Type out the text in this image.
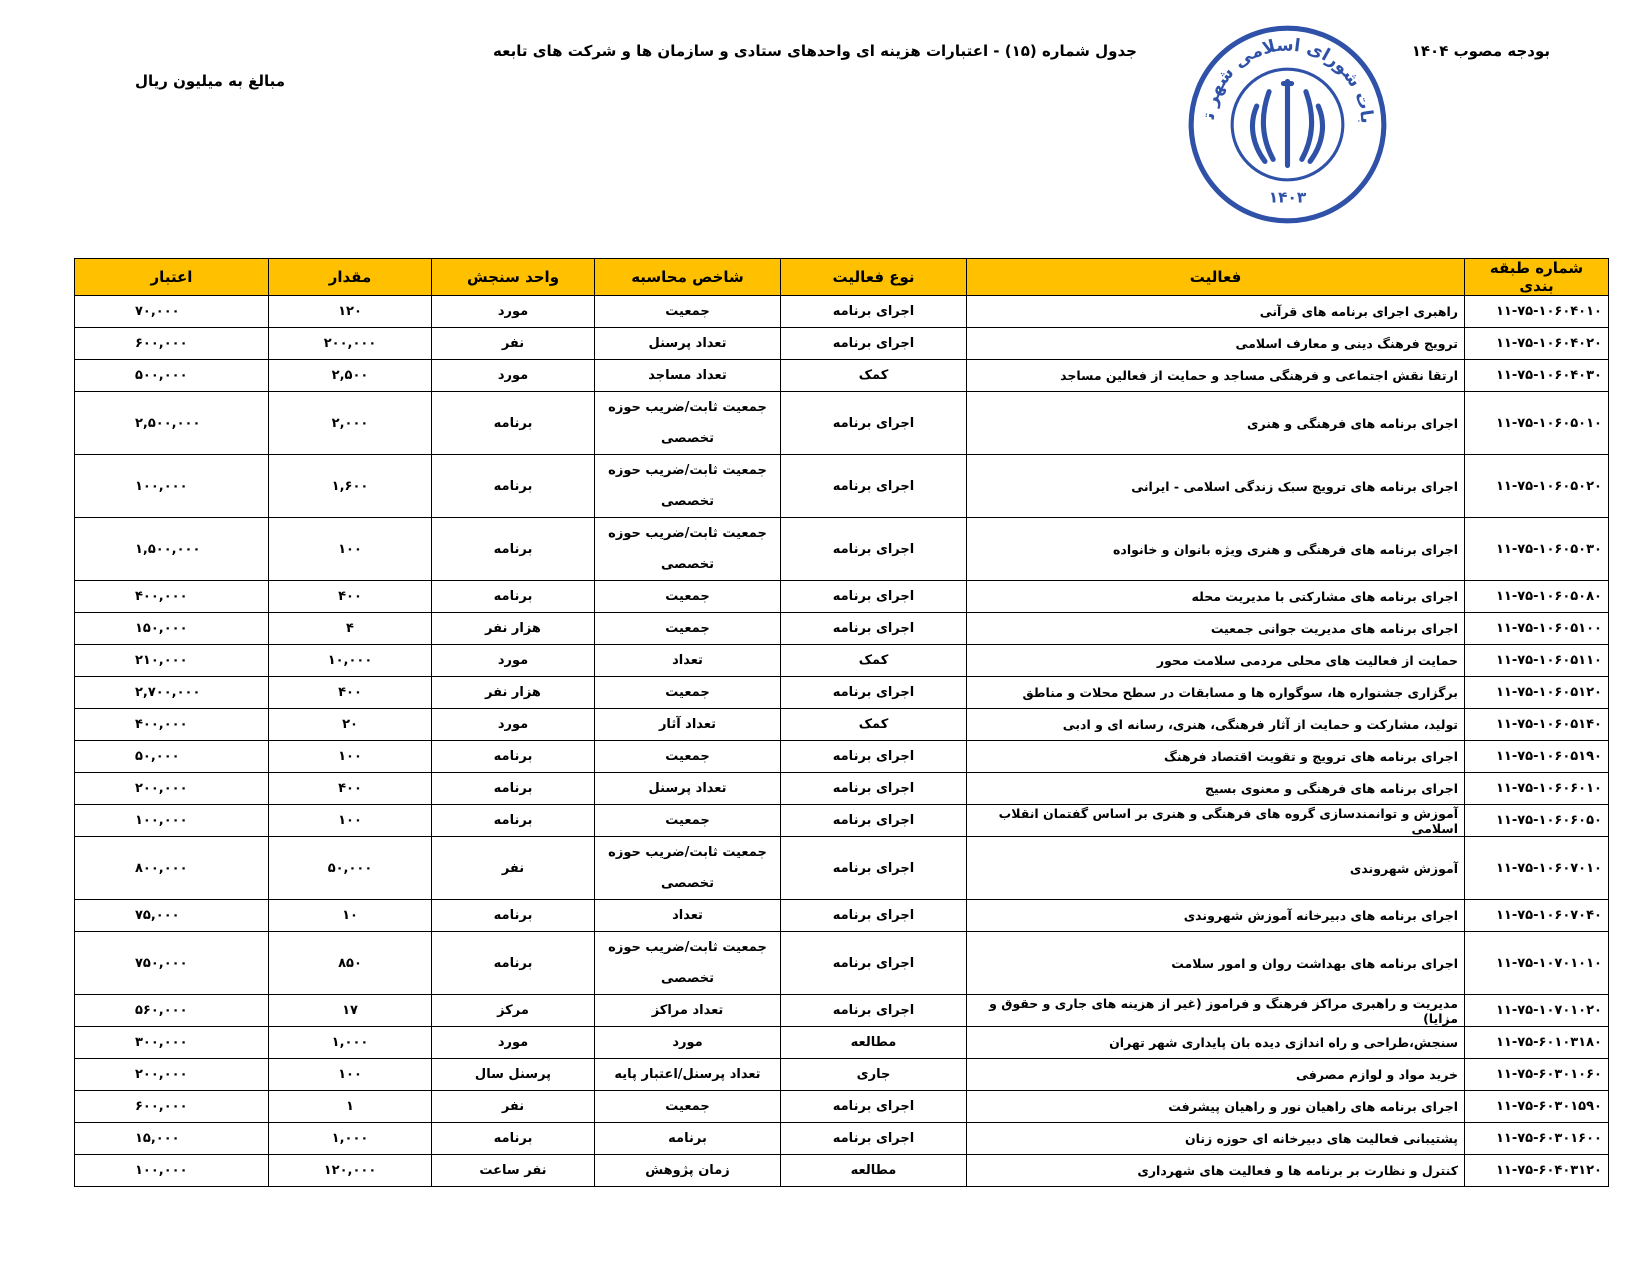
بودجه مصوب ۱۴۰۴
جدول شماره (۱۵) - اعتبارات هزینه ای واحدهای ستادی و سازمان ها و شرکت های تابعه
مبالغ به میلیون ریال
بات شورای اسلامی شهر ت
۱۴۰۳
شماره طبقه بندی	فعالیت	نوع فعالیت	شاخص محاسبه	واحد سنجش	مقدار	اعتبار
۱۱-۷۵-۱۰۶۰۴۰۱۰	راهبری اجرای برنامه های قرآنی	اجرای برنامه	جمعیت	مورد	۱۲۰	۷۰,۰۰۰
۱۱-۷۵-۱۰۶۰۴۰۲۰	ترویج فرهنگ دینی و معارف اسلامی	اجرای برنامه	تعداد پرسنل	نفر	۲۰۰,۰۰۰	۶۰۰,۰۰۰
۱۱-۷۵-۱۰۶۰۴۰۳۰	ارتقا نقش اجتماعی و فرهنگی مساجد و حمایت از فعالین مساجد	کمک	تعداد مساجد	مورد	۲,۵۰۰	۵۰۰,۰۰۰
۱۱-۷۵-۱۰۶۰۵۰۱۰	اجرای برنامه های فرهنگی و هنری	اجرای برنامه	جمعیت ثابت/ضریب حوزه تخصصی	برنامه	۲,۰۰۰	۲,۵۰۰,۰۰۰
۱۱-۷۵-۱۰۶۰۵۰۲۰	اجرای برنامه های ترویج سبک زندگی اسلامی - ایرانی	اجرای برنامه	جمعیت ثابت/ضریب حوزه تخصصی	برنامه	۱,۶۰۰	۱۰۰,۰۰۰
۱۱-۷۵-۱۰۶۰۵۰۳۰	اجرای برنامه های فرهنگی و هنری ویژه بانوان و خانواده	اجرای برنامه	جمعیت ثابت/ضریب حوزه تخصصی	برنامه	۱۰۰	۱,۵۰۰,۰۰۰
۱۱-۷۵-۱۰۶۰۵۰۸۰	اجرای برنامه های مشارکتی با مدیریت محله	اجرای برنامه	جمعیت	برنامه	۴۰۰	۴۰۰,۰۰۰
۱۱-۷۵-۱۰۶۰۵۱۰۰	اجرای برنامه های مدیریت جوانی جمعیت	اجرای برنامه	جمعیت	هزار نفر	۴	۱۵۰,۰۰۰
۱۱-۷۵-۱۰۶۰۵۱۱۰	حمایت از فعالیت های محلی مردمی سلامت محور	کمک	تعداد	مورد	۱۰,۰۰۰	۲۱۰,۰۰۰
۱۱-۷۵-۱۰۶۰۵۱۲۰	برگزاری جشنواره ها، سوگواره ها و مسابقات در سطح محلات و مناطق	اجرای برنامه	جمعیت	هزار نفر	۴۰۰	۲,۷۰۰,۰۰۰
۱۱-۷۵-۱۰۶۰۵۱۴۰	تولید، مشارکت و حمایت از آثار فرهنگی، هنری، رسانه ای و ادبی	کمک	تعداد آثار	مورد	۲۰	۴۰۰,۰۰۰
۱۱-۷۵-۱۰۶۰۵۱۹۰	اجرای برنامه های ترویج و تقویت اقتصاد فرهنگ	اجرای برنامه	جمعیت	برنامه	۱۰۰	۵۰,۰۰۰
۱۱-۷۵-۱۰۶۰۶۰۱۰	اجرای برنامه های فرهنگی و معنوی بسیج	اجرای برنامه	تعداد پرسنل	برنامه	۴۰۰	۲۰۰,۰۰۰
۱۱-۷۵-۱۰۶۰۶۰۵۰	آموزش و توانمندسازی گروه های فرهنگی و هنری بر اساس گفتمان انقلاب اسلامی	اجرای برنامه	جمعیت	برنامه	۱۰۰	۱۰۰,۰۰۰
۱۱-۷۵-۱۰۶۰۷۰۱۰	آموزش شهروندی	اجرای برنامه	جمعیت ثابت/ضریب حوزه تخصصی	نفر	۵۰,۰۰۰	۸۰۰,۰۰۰
۱۱-۷۵-۱۰۶۰۷۰۴۰	اجرای برنامه های دبیرخانه آموزش شهروندی	اجرای برنامه	تعداد	برنامه	۱۰	۷۵,۰۰۰
۱۱-۷۵-۱۰۷۰۱۰۱۰	اجرای برنامه های بهداشت روان و امور سلامت	اجرای برنامه	جمعیت ثابت/ضریب حوزه تخصصی	برنامه	۸۵۰	۷۵۰,۰۰۰
۱۱-۷۵-۱۰۷۰۱۰۲۰	مدیریت و راهبری مراکز فرهنگ و فراموز (غیر از هزینه های جاری و حقوق و مزایا)	اجرای برنامه	تعداد مراکز	مرکز	۱۷	۵۶۰,۰۰۰
۱۱-۷۵-۶۰۱۰۳۱۸۰	سنجش،طراحی و راه اندازی دیده بان پایداری شهر تهران	مطالعه	مورد	مورد	۱,۰۰۰	۳۰۰,۰۰۰
۱۱-۷۵-۶۰۳۰۱۰۶۰	خرید مواد و لوازم مصرفی	جاری	تعداد پرسنل/اعتبار پایه	پرسنل سال	۱۰۰	۲۰۰,۰۰۰
۱۱-۷۵-۶۰۳۰۱۵۹۰	اجرای برنامه های راهیان نور و راهیان پیشرفت	اجرای برنامه	جمعیت	نفر	۱	۶۰۰,۰۰۰
۱۱-۷۵-۶۰۳۰۱۶۰۰	پشتیبانی فعالیت های دبیرخانه ای حوزه زنان	اجرای برنامه	برنامه	برنامه	۱,۰۰۰	۱۵,۰۰۰
۱۱-۷۵-۶۰۴۰۳۱۲۰	کنترل و نظارت بر برنامه ها و فعالیت های شهرداری	مطالعه	زمان پژوهش	نفر ساعت	۱۲۰,۰۰۰	۱۰۰,۰۰۰
